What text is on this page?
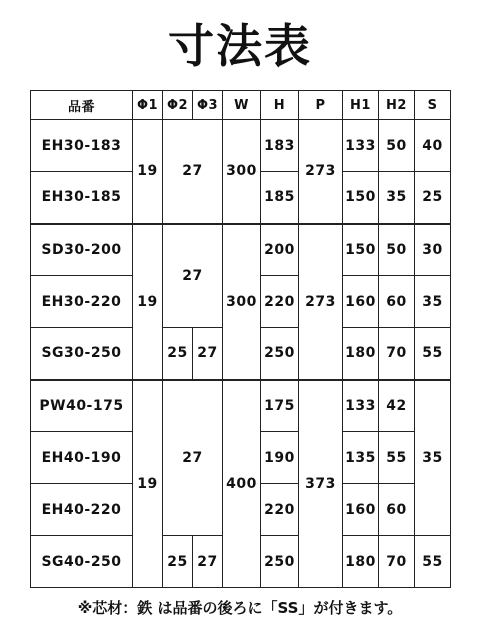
寸法表
品番	Φ1	Φ2	Φ3	W	H	P	H1	H2	S
EH30-183	19	27		300	183	273	133	50	40
EH30-185					185		150	35	25
SD30-200	19	27		300	200	273	150	50	30
EH30-220					220		160	60	35
SG30-250		25	27		250		180	70	55
PW40-175	19	27		400	175	373	133	42	35
EH40-190					190		135	55	
EH40-220					220		160	60	
SG40-250		25	27		250		180	70	55
※芯材：鉄 は品番の後ろに「SS」が付きます。
